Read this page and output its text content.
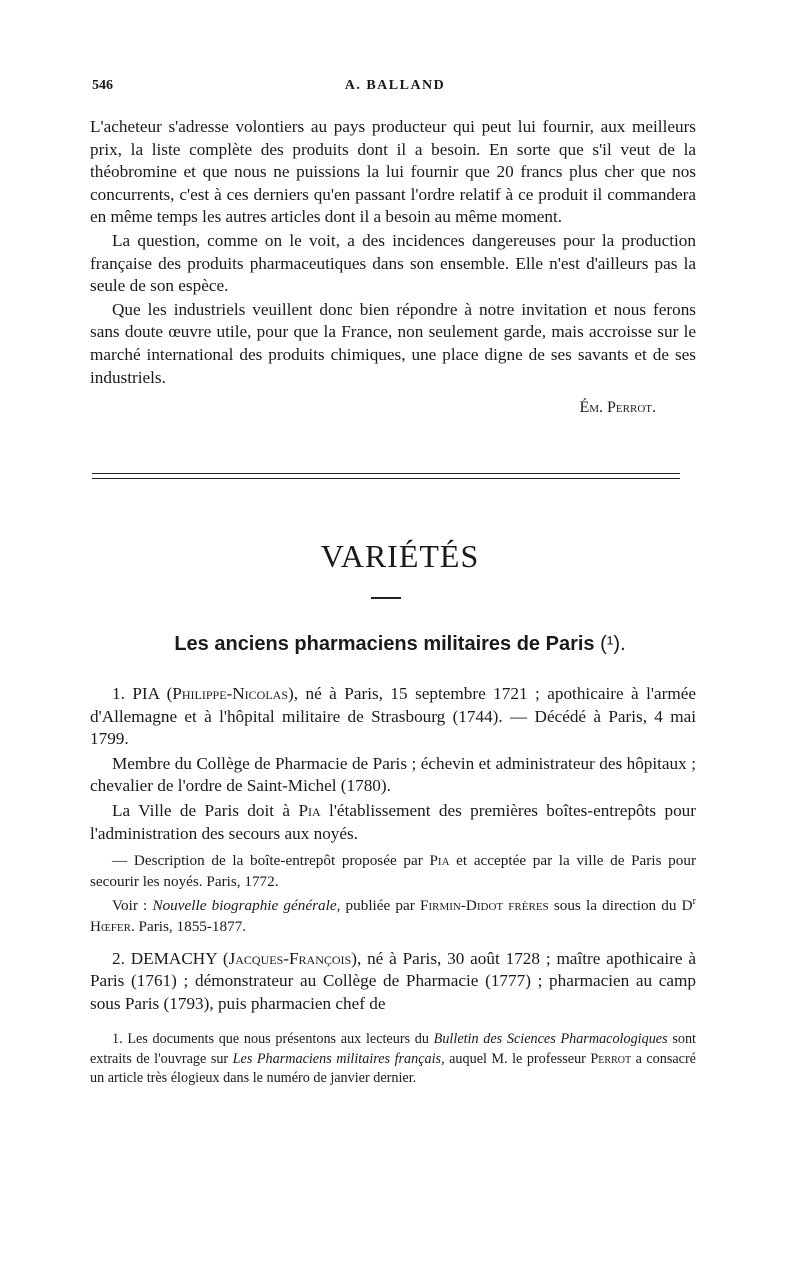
546	A. BALLAND

L'acheteur s'adresse volontiers au pays producteur qui peut lui fournir, aux meilleurs prix, la liste complète des produits dont il a besoin. En sorte que s'il veut de la théobromine et que nous ne puissions la lui fournir que 20 francs plus cher que nos concurrents, c'est à ces derniers qu'en passant l'ordre relatif à ce produit il commandera en même temps les autres articles dont il a besoin au même moment.

La question, comme on le voit, a des incidences dangereuses pour la production française des produits pharmaceutiques dans son ensemble. Elle n'est d'ailleurs pas la seule de son espèce.

Que les industriels veuillent donc bien répondre à notre invitation et nous ferons sans doute œuvre utile, pour que la France, non seulement garde, mais accroisse sur le marché international des produits chimiques, une place digne de ses savants et de ses industriels.

Ém. Perrot.

VARIÉTÉS
Les anciens pharmaciens militaires de Paris (¹).

1. PIA (Philippe-Nicolas), né à Paris, 15 septembre 1721 ; apothicaire à l'armée d'Allemagne et à l'hôpital militaire de Strasbourg (1744). — Décédé à Paris, 4 mai 1799.

Membre du Collège de Pharmacie de Paris ; échevin et administrateur des hôpitaux ; chevalier de l'ordre de Saint-Michel (1780).

La Ville de Paris doit à Pia l'établissement des premières boîtes-entrepôts pour l'administration des secours aux noyés.

— Description de la boîte-entrepôt proposée par Pia et acceptée par la ville de Paris pour secourir les noyés. Paris, 1772.

Voir : Nouvelle biographie générale, publiée par Firmin-Didot frères sous la direction du $D^r$ Hœfer. Paris, 1855-1877.

2. DEMACHY (Jacques-François), né à Paris, 30 août 1728 ; maître apothicaire à Paris (1761) ; démonstrateur au Collège de Pharmacie (1777) ; pharmacien au camp sous Paris (1793), puis pharmacien chef de

1. Les documents que nous présentons aux lecteurs du Bulletin des Sciences Pharmacologiques sont extraits de l'ouvrage sur Les Pharmaciens militaires français, auquel M. le professeur Perrot a consacré un article très élogieux dans le numéro de janvier dernier.
